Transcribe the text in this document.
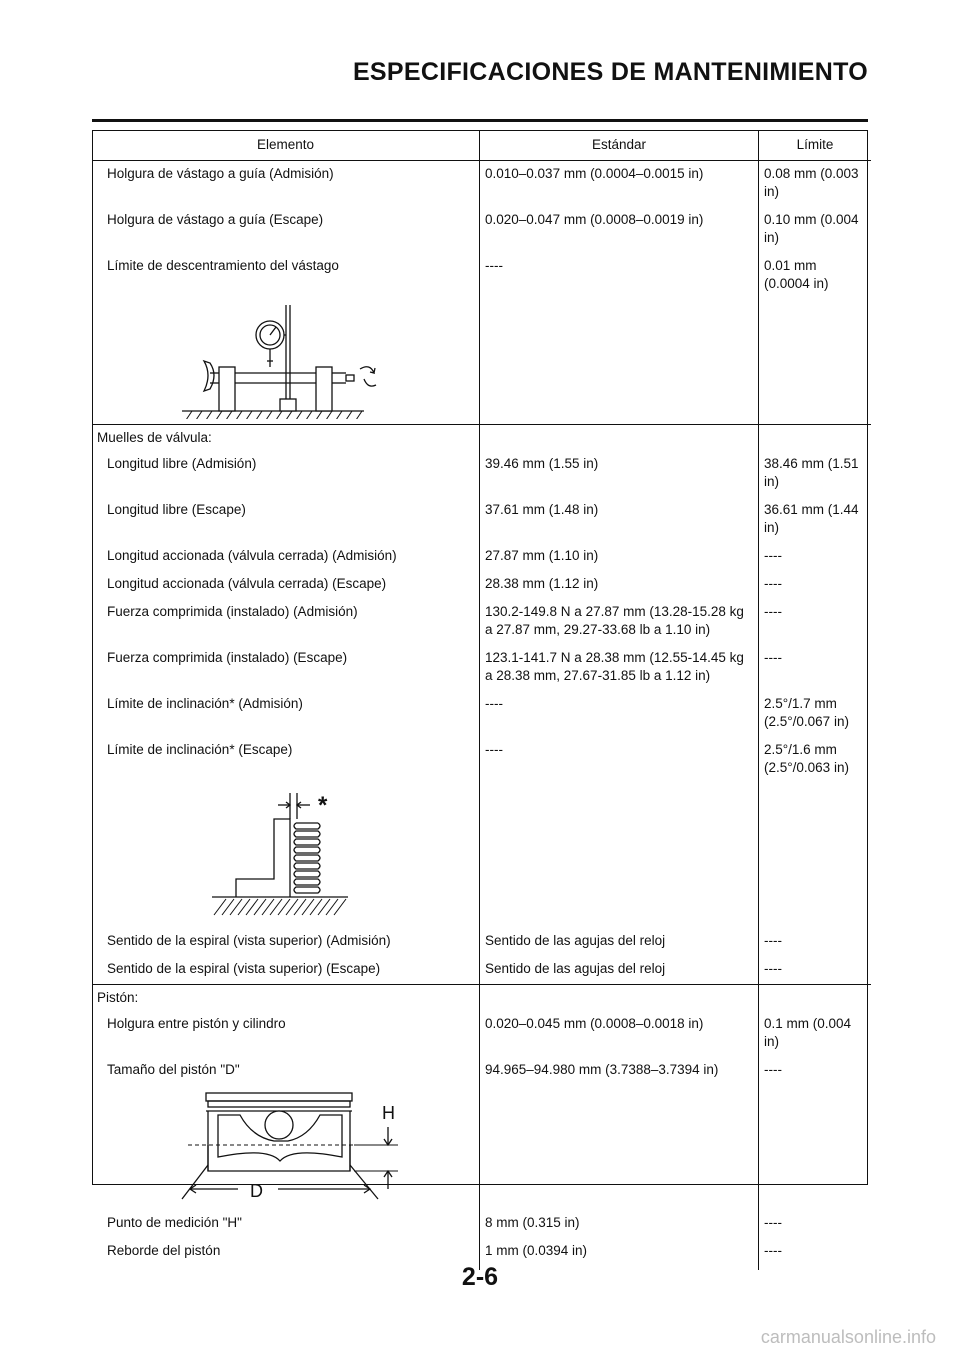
ESPECIFICACIONES DE MANTENIMIENTO
Elemento	Estándar	Límite
Holgura de vástago a guía (Admisión)	0.010–0.037 mm (0.0004–0.0015 in)	0.08 mm (0.003 in)
Holgura de vástago a guía (Escape)	0.020–0.047 mm (0.0008–0.0019 in)	0.10 mm (0.004 in)
Límite de descentramiento del vástago	----	0.01 mm (0.0004 in)

Muelles de válvula:		
Longitud libre (Admisión)	39.46 mm (1.55 in)	38.46 mm (1.51 in)
Longitud libre (Escape)	37.61 mm (1.48 in)	36.61 mm (1.44 in)
Longitud accionada (válvula cerrada) (Admisión)	27.87 mm (1.10 in)	----
Longitud accionada (válvula cerrada) (Escape)	28.38 mm (1.12 in)	----
Fuerza comprimida (instalado) (Admisión)	130.2-149.8 N a 27.87 mm (13.28-15.28 kg a 27.87 mm, 29.27-33.68 lb a 1.10 in)	----
Fuerza comprimida (instalado) (Escape)	123.1-141.7 N a 28.38 mm (12.55-14.45 kg a 28.38 mm, 27.67-31.85 lb a 1.12 in)	----
Límite de inclinación* (Admisión)	----	2.5°/1.7 mm (2.5°/0.067 in)
Límite de inclinación* (Escape)	----	2.5°/1.6 mm (2.5°/0.063 in)

*		

Sentido de la espiral (vista superior) (Admisión)	Sentido de las agujas del reloj	----
Sentido de la espiral (vista superior) (Escape)	Sentido de las agujas del reloj	----
Pistón:		
Holgura entre pistón y cilindro	0.020–0.045 mm (0.0008–0.0018 in)	0.1 mm (0.004 in)
Tamaño del pistón "D"	94.965–94.980 mm (3.7388–3.7394 in)	----

H
D		

Punto de medición "H"	8 mm (0.315 in)	----
Reborde del pistón	1 mm (0.0394 in)	----
2-6
carmanualsonline.info
